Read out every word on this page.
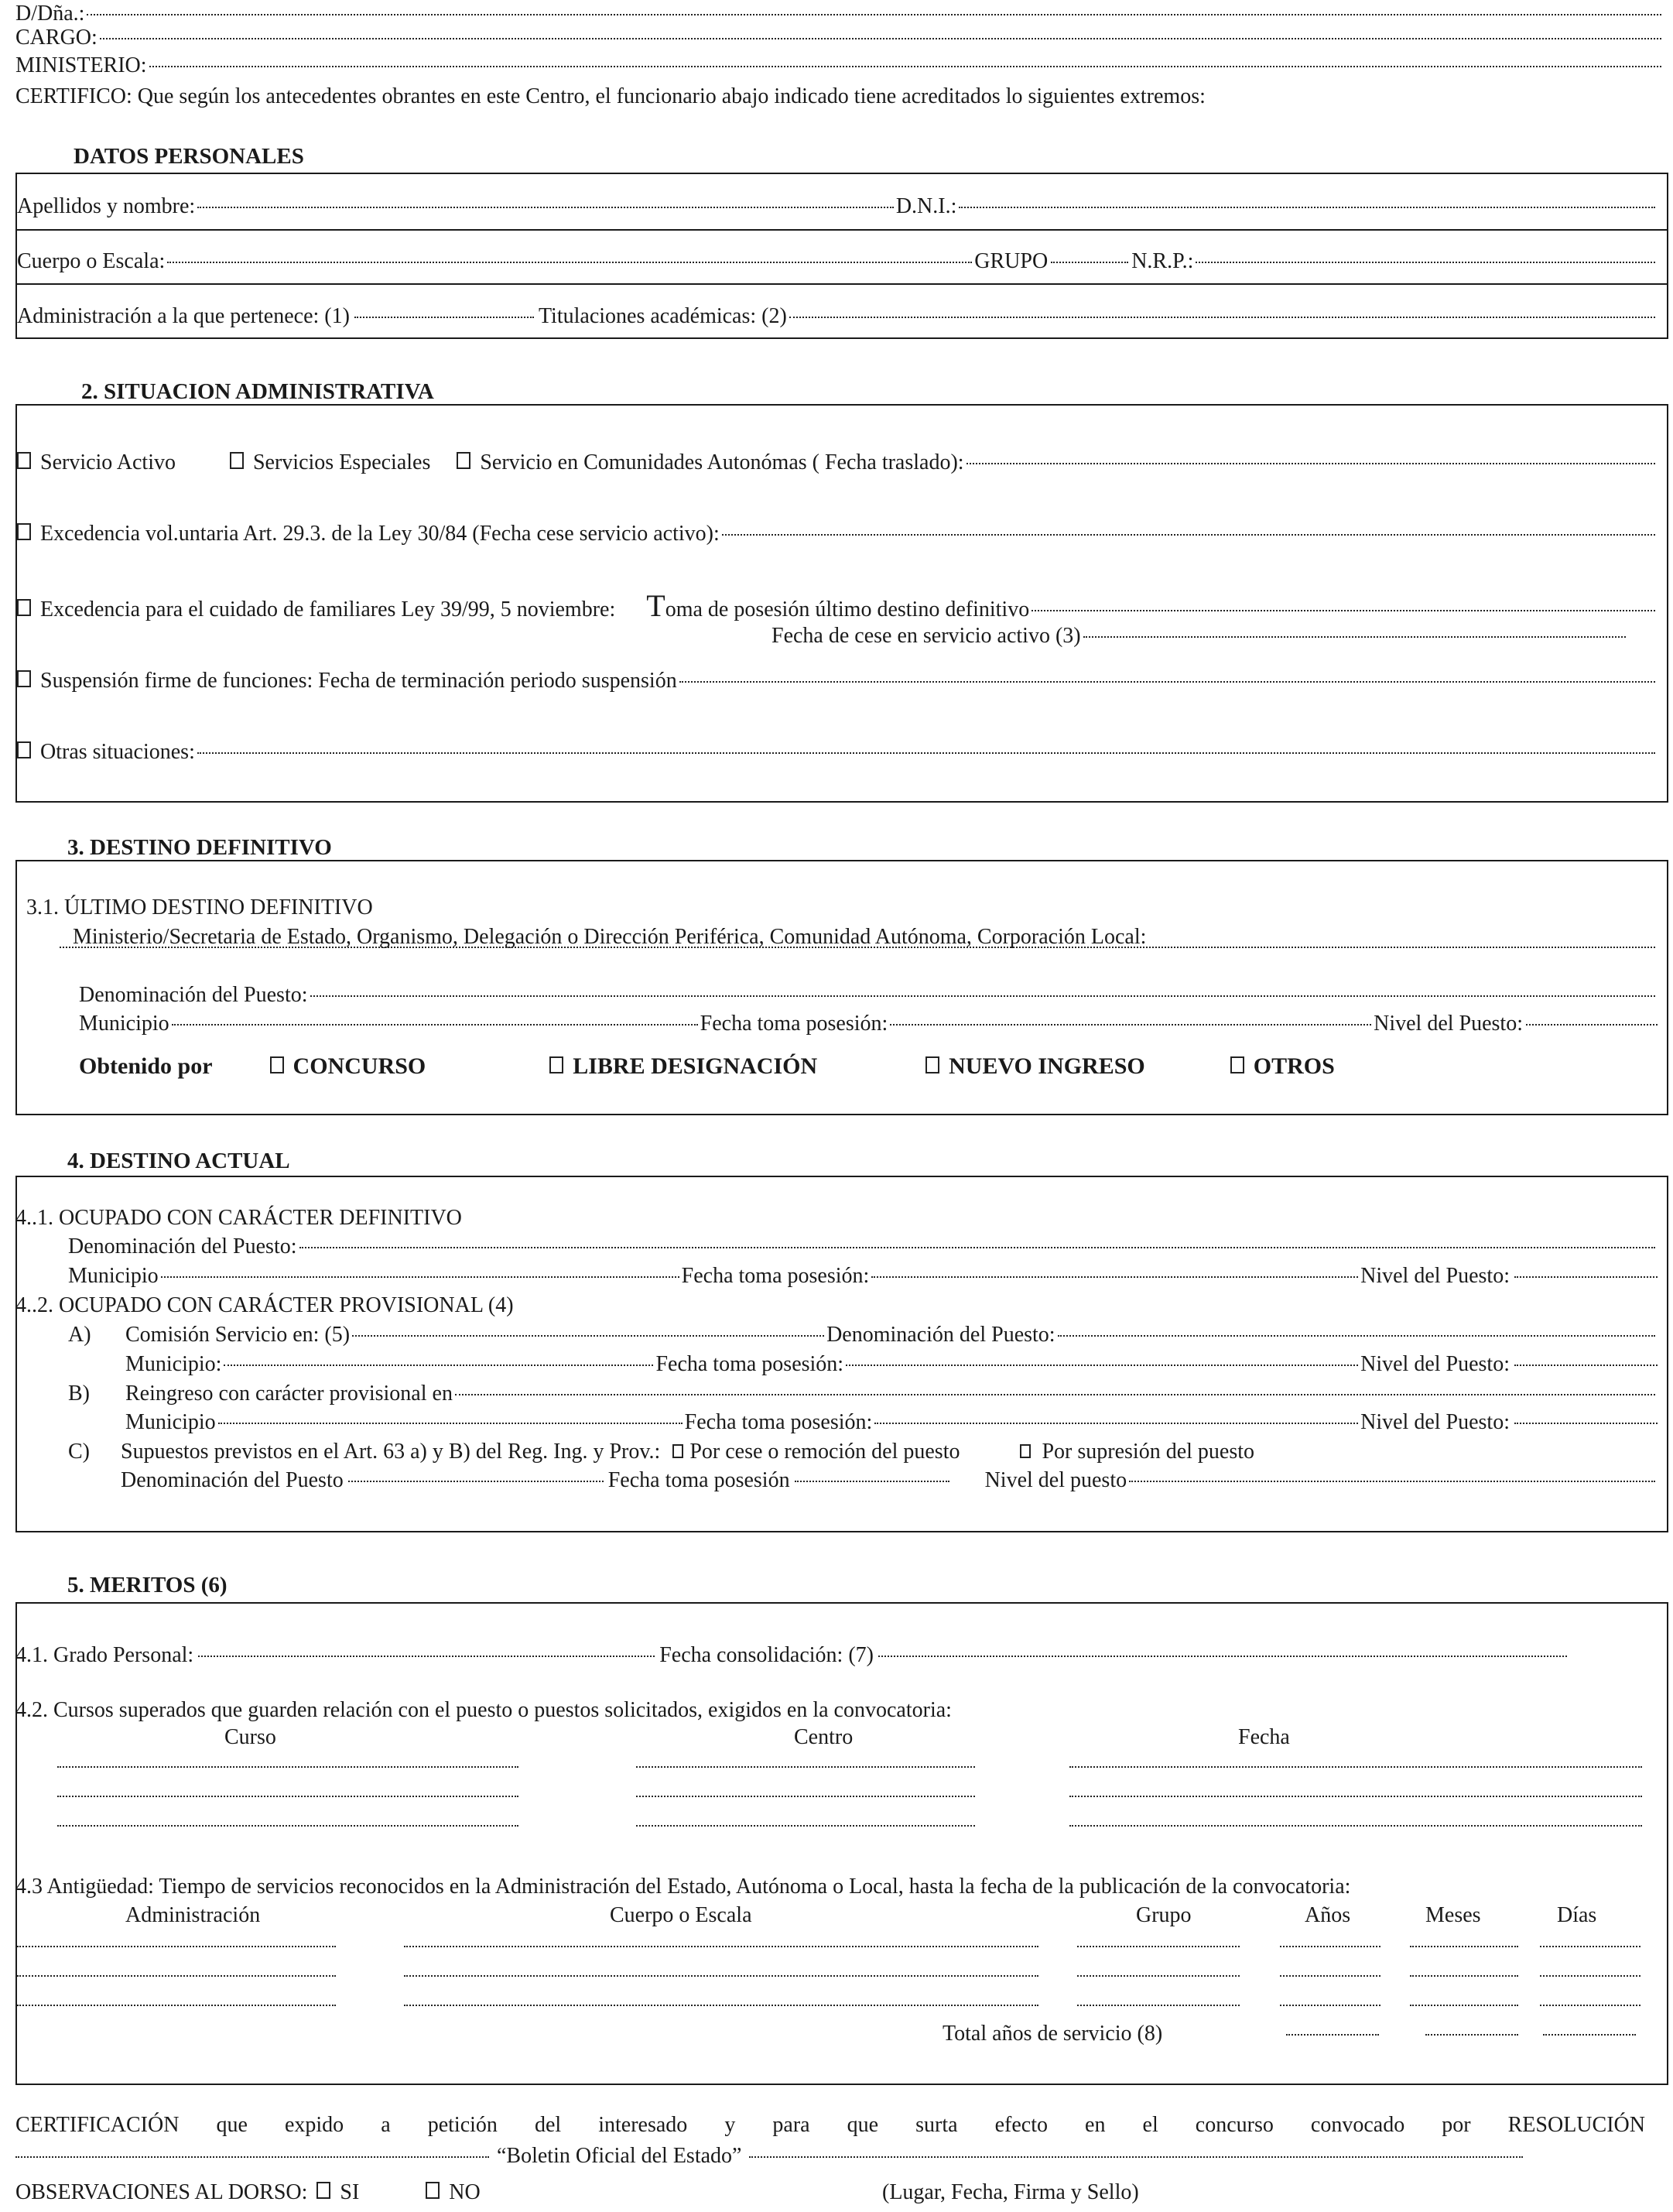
D/Dña.:
CARGO:
MINISTERIO:
CERTIFICO: Que según los antecedentes obrantes en este Centro, el funcionario abajo indicado tiene acreditados lo siguientes extremos:
DATOS PERSONALES
Apellidos y nombre:	D.N.I.:
Cuerpo o Escala:	GRUPO	N.R.P.:
Administración a la que pertenece: (1)	Titulaciones académicas: (2)
2. SITUACION ADMINISTRATIVA
Servicio Activo	Servicios Especiales Servicio en Comunidades Autonómas ( Fecha traslado):
Excedencia vol.untaria Art. 29.3. de la Ley 30/84 (Fecha cese servicio activo):
Excedencia para el cuidado de familiares Ley 39/99, 5 noviembre: T oma de posesión último destino definitivo
Fecha de cese en servicio activo (3)
Suspensión firme de funciones: Fecha de terminación periodo suspensión
Otras situaciones:
3. DESTINO DEFINITIVO
3.1. ÚLTIMO DESTINO DEFINITIVO
Ministerio/Secretaria de Estado, Organismo, Delegación o Dirección Periférica, Comunidad Autónoma, Corporación Local:
Denominación del Puesto:
Municipio	Fecha toma posesión:	Nivel del Puesto:
Obtenido por	CONCURSO	LIBRE DESIGNACIÓN	NUEVO INGRESO	OTROS
4. DESTINO ACTUAL
4..1. OCUPADO CON CARÁCTER DEFINITIVO
Denominación del Puesto:
Municipio	Fecha toma posesión:	Nivel del Puesto:
4..2. OCUPADO CON CARÁCTER PROVISIONAL (4)
A) Comisión Servicio en: (5)	Denominación del Puesto:
Municipio:	Fecha toma posesión:	Nivel del Puesto:
B) Reingreso con carácter provisional en
Municipio	Fecha toma posesión:	Nivel del Puesto:
C) Supuestos previstos en el Art. 63 a) y B) del Reg. Ing. y Prov.: Por cese o remoción del puesto	Por supresión del puesto
Denominación del Puesto	Fecha toma posesión	Nivel del puesto
5. MERITOS (6)
4.1. Grado Personal:	Fecha consolidación: (7)
4.2. Cursos superados que guarden relación con el puesto o puestos solicitados, exigidos en la convocatoria:
Curso	Centro	Fecha
4.3 Antigüedad: Tiempo de servicios reconocidos en la Administración del Estado, Autónoma o Local, hasta la fecha de la publicación de la convocatoria:
Administración	Cuerpo o Escala	Grupo	Años	Meses	Días
Total años de servicio (8)
CERTIFICACIÓN que expido a petición del interesado y para que surta efecto en el concurso convocado por RESOLUCIÓN
“Boletin Oficial del Estado”
OBSERVACIONES AL DORSO: SI	NO	(Lugar, Fecha, Firma y Sello)
